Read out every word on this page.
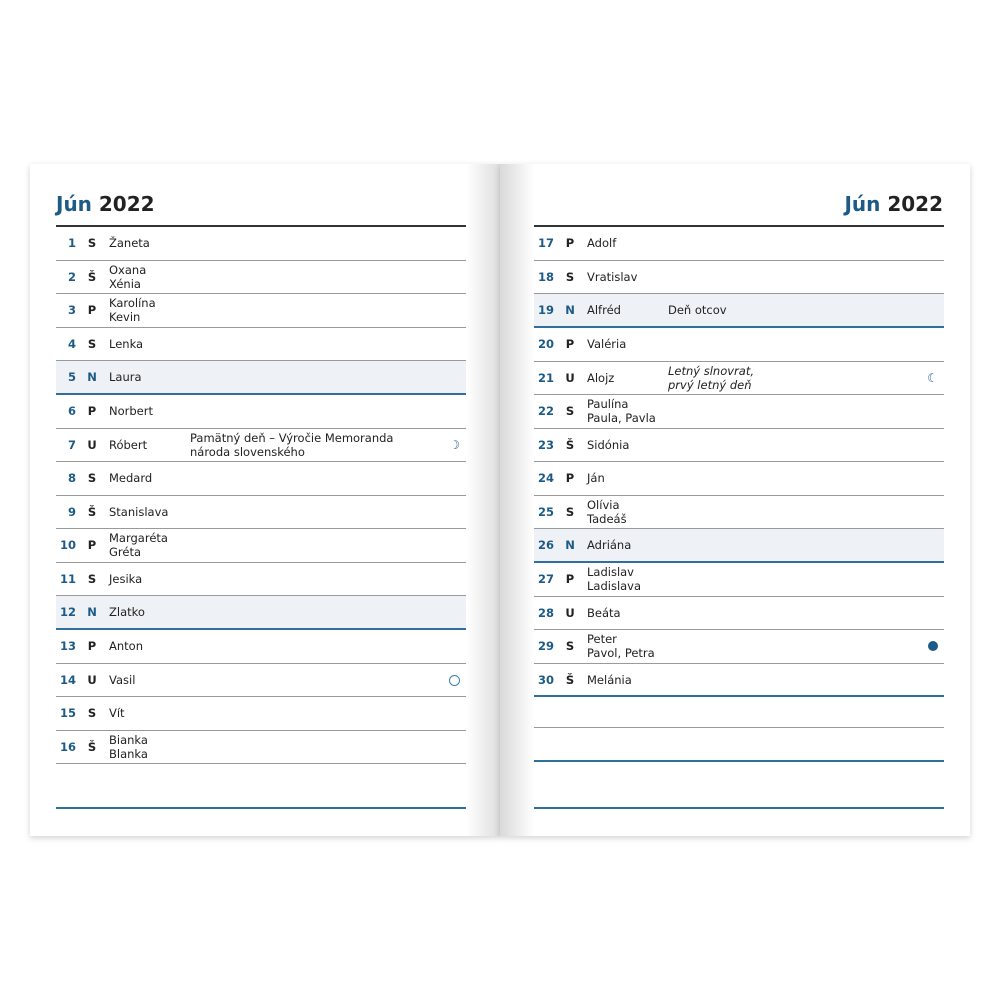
Jún 2022
1	S	Žaneta
2	Š	Oxana
Xénia
3	P	Karolína
Kevin
4	S	Lenka
5 N Laura
6	P	Norbert
7 U Róbert	Pamätný deň – Výročie Memoranda
národa slovenského	☽
8	S	Medard
9	Š	Stanislava
10	P	Margaréta
Gréta
11	S	Jesika
12 N Zlatko
13	P	Anton
14 U Vasil
15	S	Vít
16	Š	Bianka
Blanka
Jún 2022
17	P	Adolf
18	S	Vratislav
19 N Alfréd	Deň otcov
20	P	Valéria
21 U Alojz	Letný slnovrat,
prvý letný deň	☾
22	S	Paulína
Paula, Pavla
23	Š	Sidónia
24	P	Ján
25	S	Olívia
Tadeáš
26 N Adriána
27	P	Ladislav
Ladislava
28 U Beáta
29	S	Peter
Pavol, Petra
30	Š	Melánia
